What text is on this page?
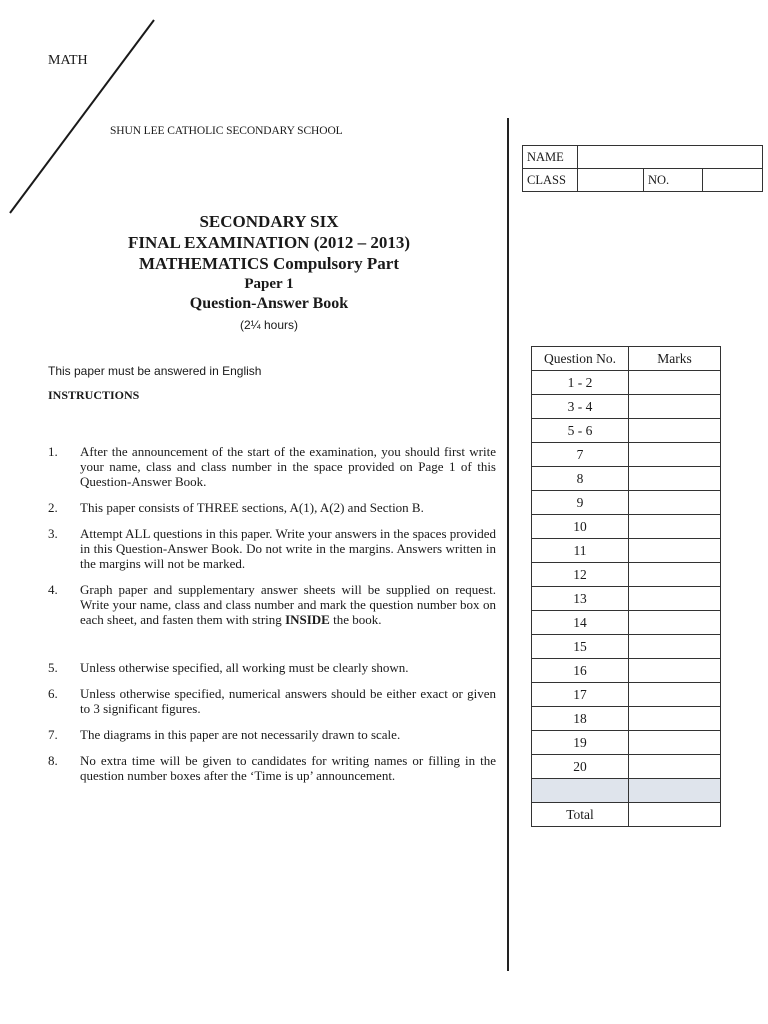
MATH
SHUN LEE CATHOLIC SECONDARY SCHOOL
SECONDARY SIX
FINAL EXAMINATION (2012 – 2013)
MATHEMATICS Compulsory Part
Paper 1
Question-Answer Book
(2¼ hours)
This paper must be answered in English
INSTRUCTIONS
1.	After the announcement of the start of the examination, you should first write your name, class and class number in the space provided on Page 1 of this Question-Answer Book.
2.	This paper consists of THREE sections, A(1), A(2) and Section B.
3.	Attempt ALL questions in this paper. Write your answers in the spaces provided in this Question-Answer Book. Do not write in the margins. Answers written in the margins will not be marked.
4.	Graph paper and supplementary answer sheets will be supplied on request. Write your name, class and class number and mark the question number box on each sheet, and fasten them with string INSIDE the book.
5.	Unless otherwise specified, all working must be clearly shown.
6.	Unless otherwise specified, numerical answers should be either exact or given to 3 significant figures.
7.	The diagrams in this paper are not necessarily drawn to scale.
8.	No extra time will be given to candidates for writing names or filling in the question number boxes after the ‘Time is up’ announcement.
NAME			
CLASS		NO.	
Question No.	Marks
1 - 2	
3 - 4	
5 - 6	
7	
8	
9	
10	
11	
12	
13	
14	
15	
16	
17	
18	
19	
20	

Total	
